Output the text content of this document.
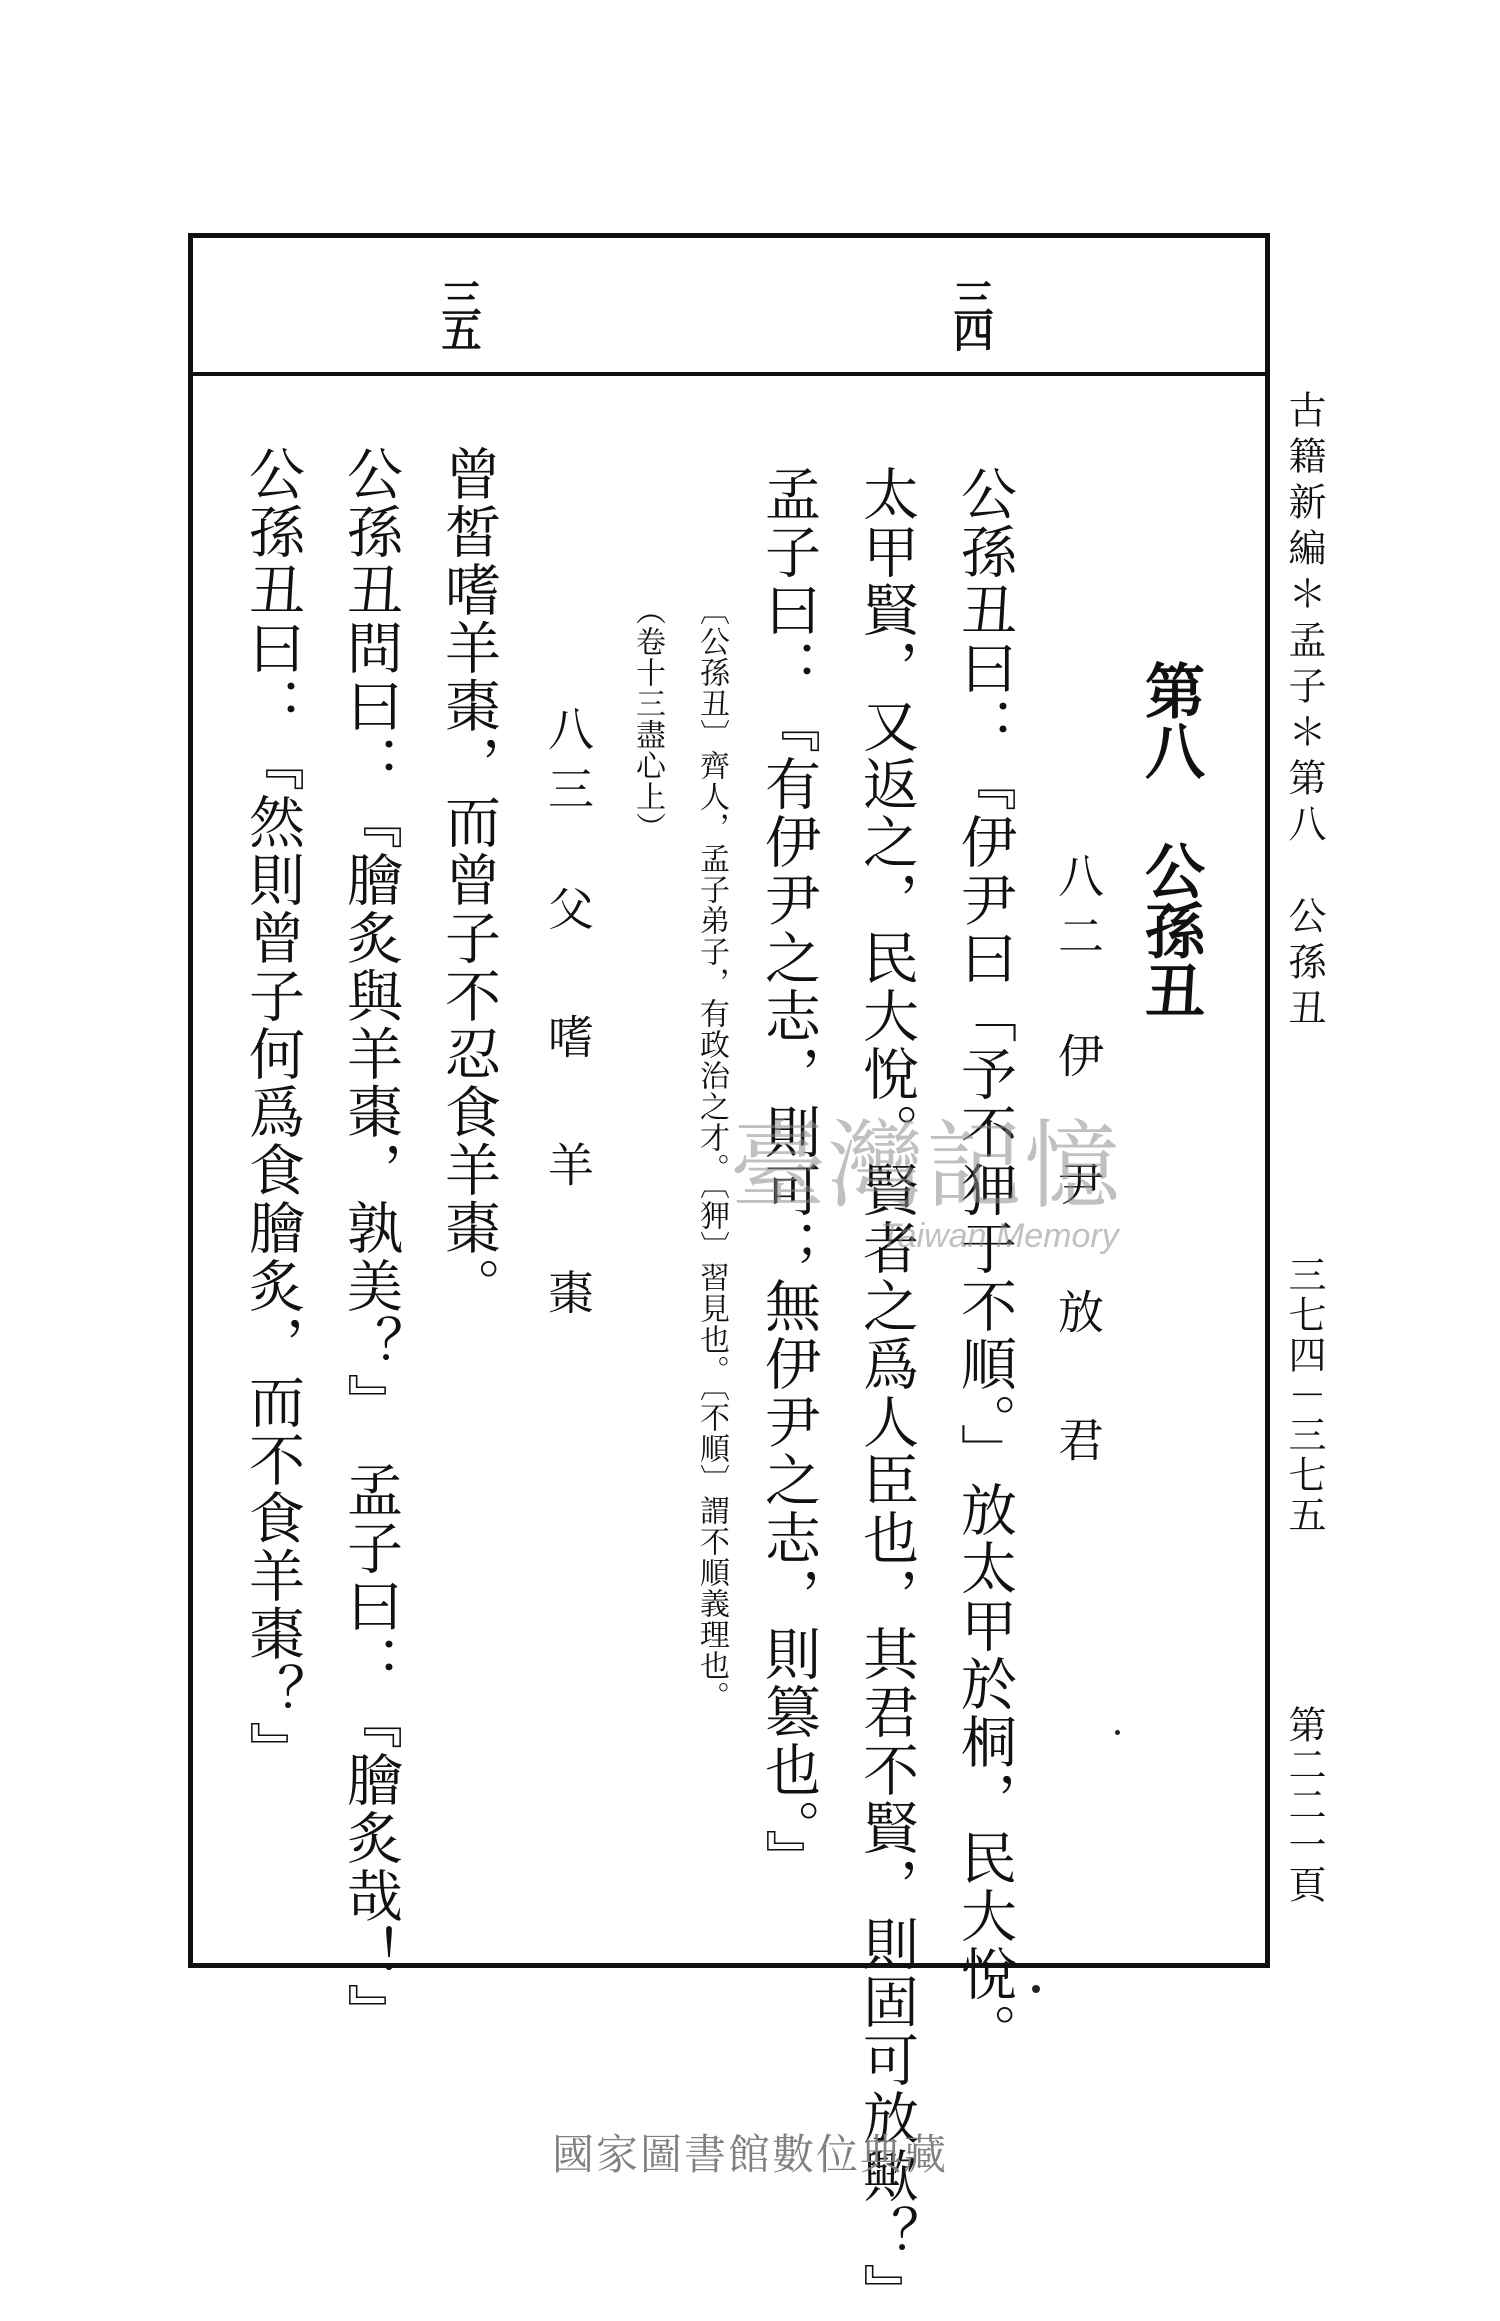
三五	三四
第八　公孫丑
八二　伊 尹 放 君
公孫丑曰：『伊尹曰「予不狎于不順。」放太甲於桐，民大悅。
太甲賢，又返之，民大悅。賢者之爲人臣也，其君不賢，則固可放歟？』
孟子曰：『有伊尹之志，則可；無伊尹之志，則篡也。』
〔公孫丑〕齊人，孟子弟子，有政治之才。〔狎〕習見也。〔不順〕謂不順義理也。
（卷十三盡心上）
八三　父 嗜 羊 棗
曾皙嗜羊棗，而曾子不忍食羊棗。
公孫丑問曰：『膾炙與羊棗，孰美？』　孟子曰：『膾炙哉！』
公孫丑曰：『然則曾子何爲食膾炙，而不食羊棗？』	古籍新編＊孟子＊第八　公孫丑
三七四－三七五
第二二一頁
臺灣記憶
Taiwan Memory
國家圖書館數位典藏
